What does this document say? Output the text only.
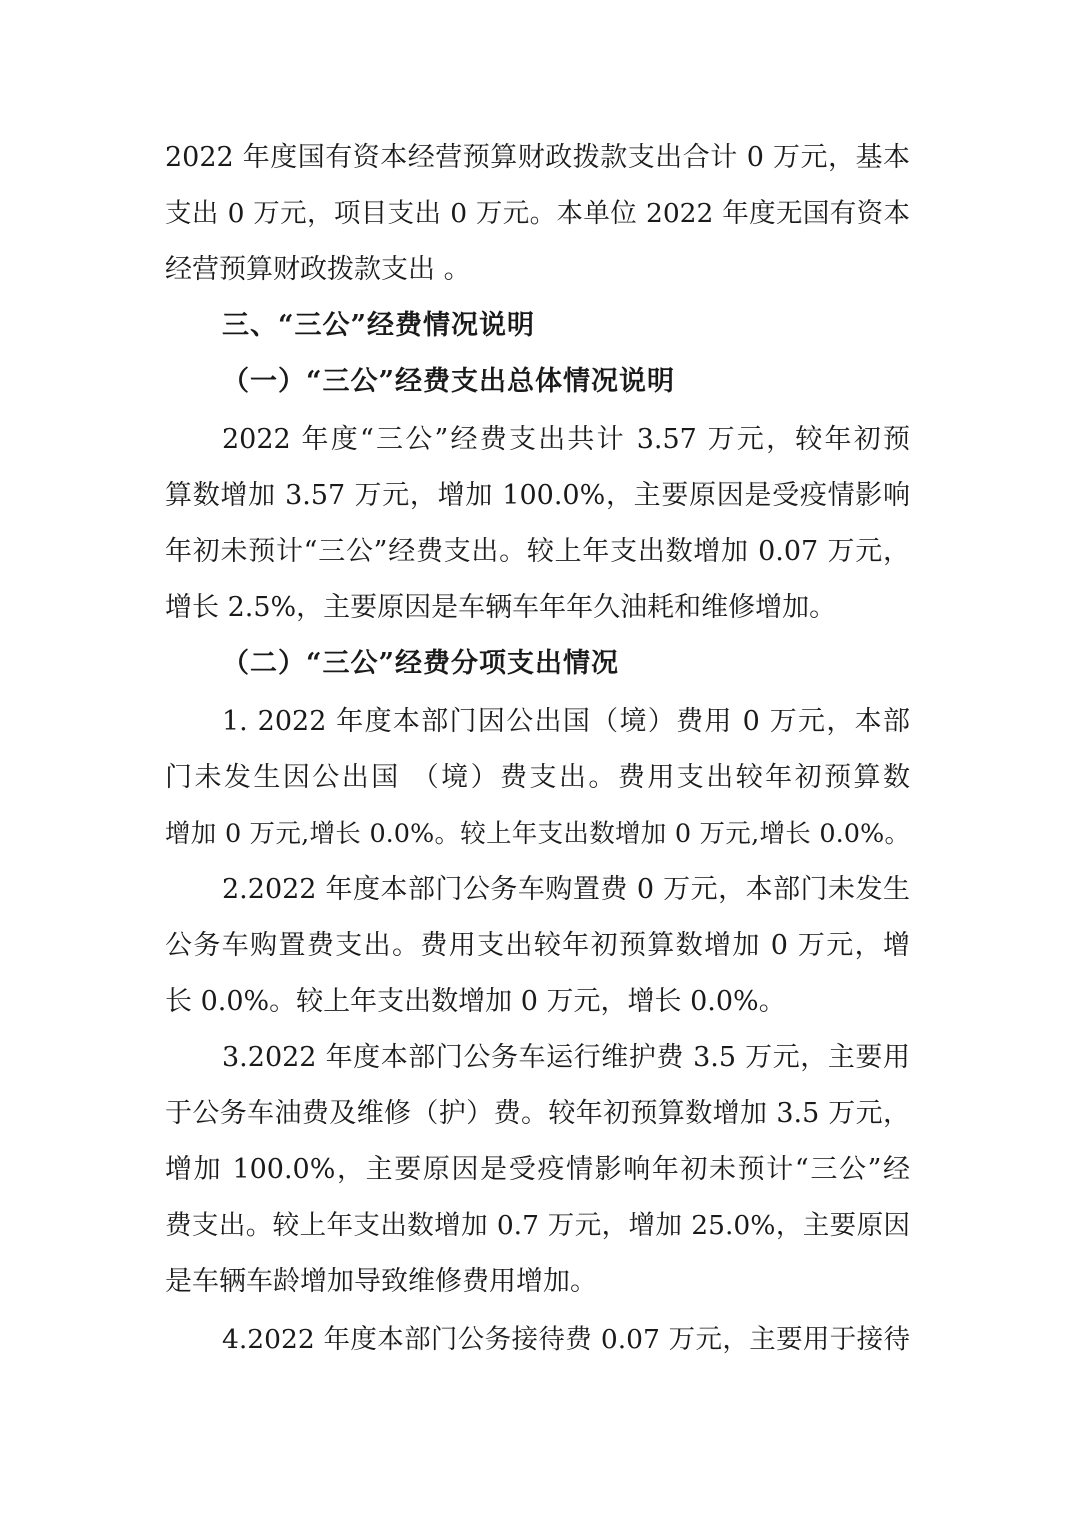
2022 年度国有资本经营预算财政拨款支出合计 0 万元，基本
支出 0 万元，项目支出 0 万元。本单位 2022 年度无国有资本
经营预算财政拨款支出 。
三、“三公”经费情况说明
（一）“三公”经费支出总体情况说明
2022 年度“三公”经费支出共计 3.57 万元，较年初预
算数增加 3.57 万元，增加 100.0%，主要原因是受疫情影响
年初未预计“三公”经费支出。较上年支出数增加 0.07 万元，
增长 2.5%，主要原因是车辆车年年久油耗和维修增加。
（二）“三公”经费分项支出情况
1. 2022 年度本部门因公出国（境）费用 0 万元，本部
门未发生因公出国 （境）费支出。费用支出较年初预算数
增加 0 万元,增长 0.0%。较上年支出数增加 0 万元,增长 0.0%。
2.2022 年度本部门公务车购置费 0 万元，本部门未发生
公务车购置费支出。费用支出较年初预算数增加 0 万元，增
长 0.0%。较上年支出数增加 0 万元，增长 0.0%。
3.2022 年度本部门公务车运行维护费 3.5 万元，主要用
于公务车油费及维修（护）费。较年初预算数增加 3.5 万元，
增加 100.0%，主要原因是受疫情影响年初未预计“三公”经
费支出。较上年支出数增加 0.7 万元，增加 25.0%，主要原因
是车辆车龄增加导致维修费用增加。
4.2022 年度本部门公务接待费 0.07 万元，主要用于接待
